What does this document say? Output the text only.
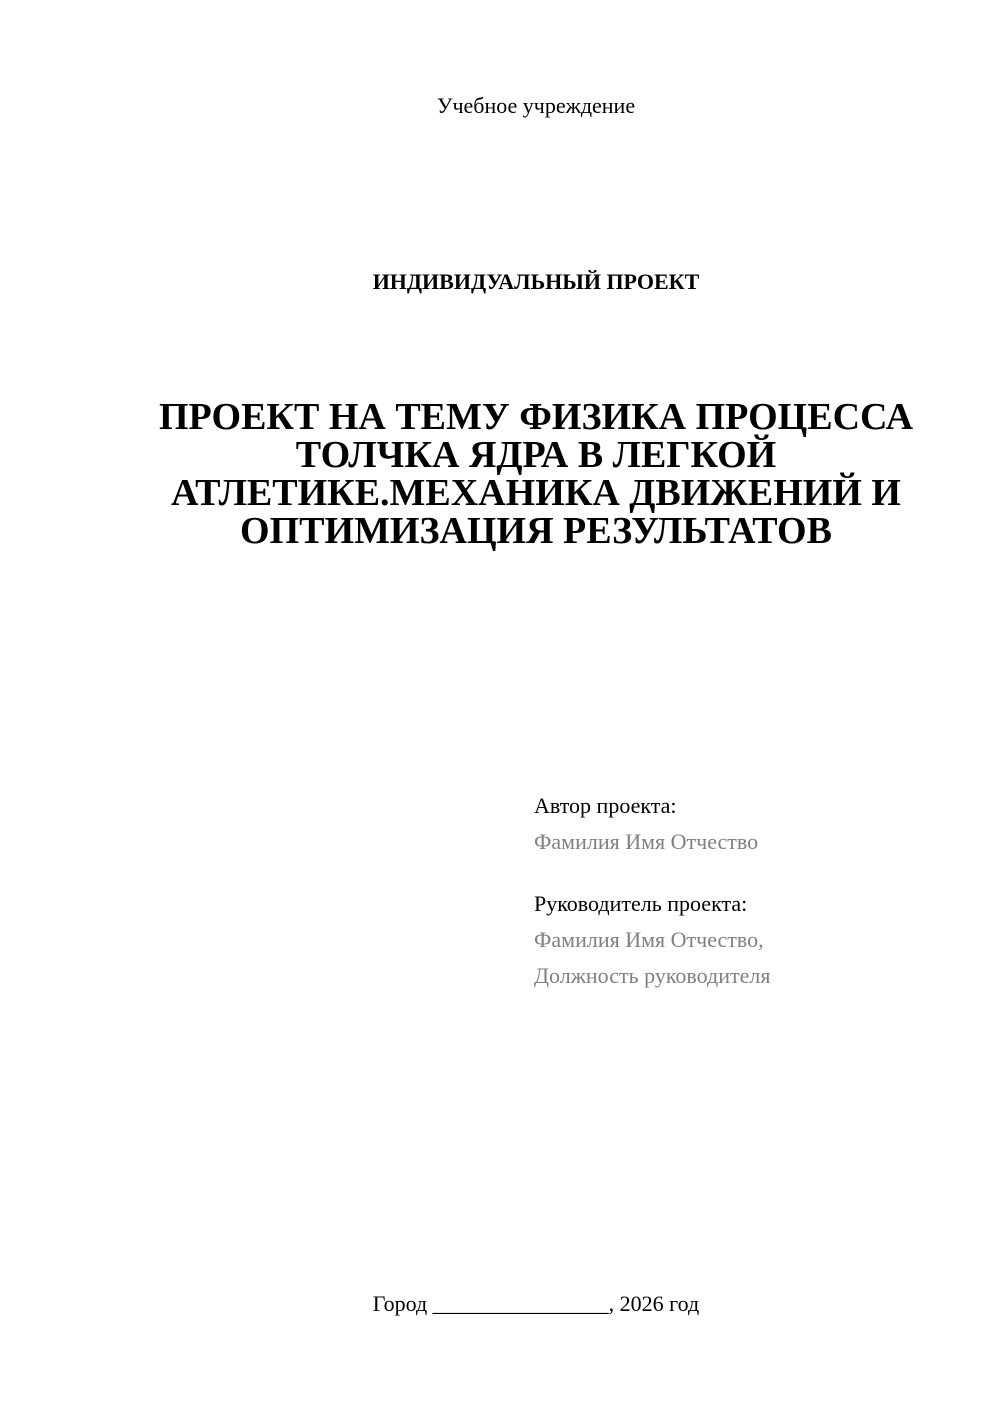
Учебное учреждение
ИНДИВИДУАЛЬНЫЙ ПРОЕКТ
ПРОЕКТ НА ТЕМУ ФИЗИКА ПРОЦЕССА
ТОЛЧКА ЯДРА В ЛЕГКОЙ
АТЛЕТИКЕ.МЕХАНИКА ДВИЖЕНИЙ И
ОПТИМИЗАЦИЯ РЕЗУЛЬТАТОВ
Автор проекта:
Фамилия Имя Отчество
Руководитель проекта:
Фамилия Имя Отчество,
Должность руководителя
Город ________________, 2026 год
